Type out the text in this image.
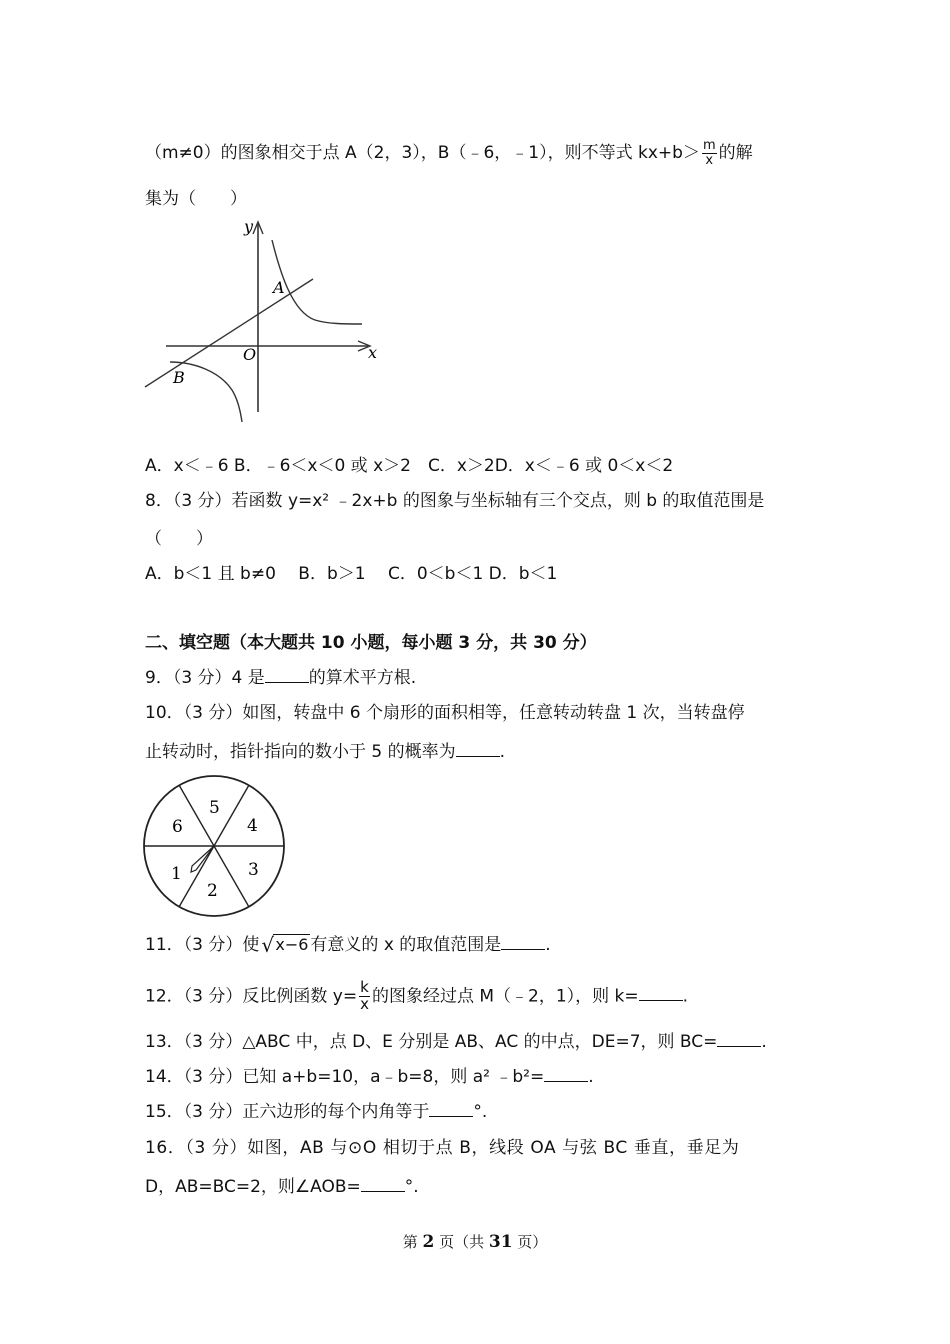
（m≠0）的图象相交于点 A（2，3），B（﹣6，﹣1），则不等式 $kx+b> \frac{m}{x}$ 的解
集为（　　）
y
x
O
A
B
A．x＜﹣6 B．﹣6＜x＜0 或 x＞2　C．x＞2D．x＜﹣6 或 0＜x＜2
8．（3 分）若函数 y=x² ﹣2x+b 的图象与坐标轴有三个交点，则 b 的取值范围是
（　　）
A．b＜1 且 b≠0　 B．b＞1　 C．0＜b＜1 D．b＜1
二、填空题（本大题共 10 小题，每小题 3 分，共 30 分）
9．（3 分）4 是	的算术平方根.
10．（3 分）如图，转盘中 6 个扇形的面积相等，任意转动转盘 1 次，当转盘停
止转动时，指针指向的数小于 5 的概率为	.
5
4
6
3
1
2
11．（3 分）使 √ x−6 有意义的 x 的取值范围是	.
12．（3 分）反比例函数 $y= \frac{k}{x}$ 的图象经过点 M（﹣2，1），则 k=	.
13．（3 分）△ABC 中，点 D、E 分别是 AB、AC 的中点，DE=7，则 BC=	.
14．（3 分）已知 a+b=10，a﹣b=8，则 a² ﹣b²=	.
15．（3 分）正六边形的每个内角等于	°.
16．（3 分）如图，AB 与⊙O 相切于点 B，线段 OA 与弦 BC 垂直，垂足为
D，AB=BC=2，则∠AOB=	°.
第 2 页（共 31 页）
